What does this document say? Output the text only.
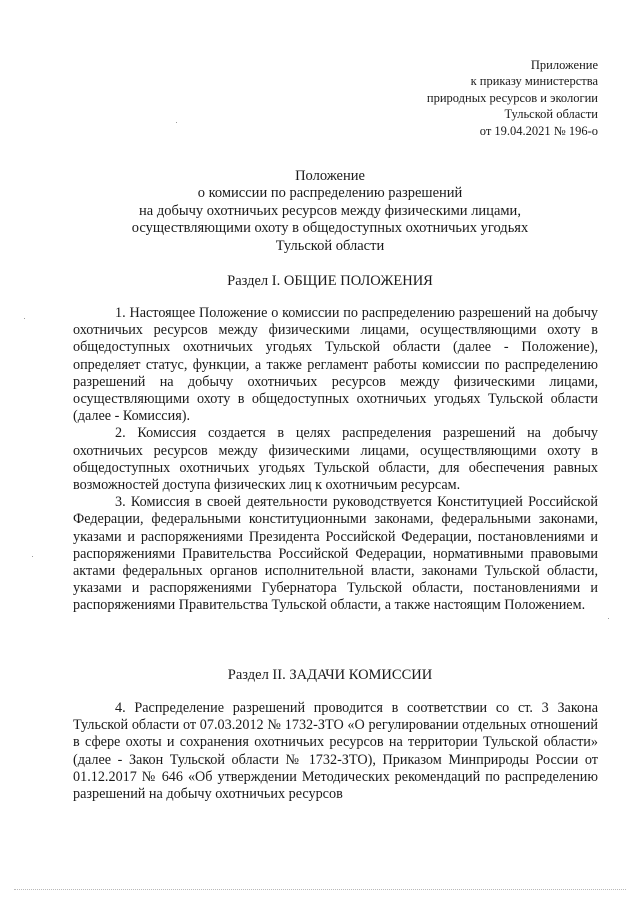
Приложение
к приказу министерства
природных ресурсов и экологии
Тульской области
от 19.04.2021 № 196-о
Положение
о комиссии по распределению разрешений
на добычу охотничьих ресурсов между физическими лицами,
осуществляющими охоту в общедоступных охотничьих угодьях
Тульской области
Раздел I. ОБЩИЕ ПОЛОЖЕНИЯ

1. Настоящее Положение о комиссии по распределению разрешений на добычу охотничьих ресурсов между физическими лицами, осуществляющими охоту в общедоступных охотничьих угодьях Тульской области (далее - Положение), определяет статус, функции, а также регламент работы комиссии по распределению разрешений на добычу охотничьих ресурсов между физическими лицами, осуществляющими охоту в общедоступных охотничьих угодьях Тульской области (далее - Комиссия).

2. Комиссия создается в целях распределения разрешений на добычу охотничьих ресурсов между физическими лицами, осуществляющими охоту в общедоступных охотничьих угодьях Тульской области, для обеспечения равных возможностей доступа физических лиц к охотничьим ресурсам.

3. Комиссия в своей деятельности руководствуется Конституцией Российской Федерации, федеральными конституционными законами, федеральными законами, указами и распоряжениями Президента Российской Федерации, постановлениями и распоряжениями Правительства Российской Федерации, нормативными правовыми актами федеральных органов исполнительной власти, законами Тульской области, указами и распоряжениями Губернатора Тульской области, постановлениями и распоряжениями Правительства Тульской области, а также настоящим Положением.

Раздел II. ЗАДАЧИ КОМИССИИ

4. Распределение разрешений проводится в соответствии со ст. 3 Закона Тульской области от 07.03.2012 № 1732-ЗТО «О регулировании отдельных отношений в сфере охоты и сохранения охотничьих ресурсов на территории Тульской области» (далее - Закон Тульской области № 1732-ЗТО), Приказом Минприроды России от 01.12.2017 № 646 «Об утверждении Методических рекомендаций по распределению разрешений на добычу охотничьих ресурсов
